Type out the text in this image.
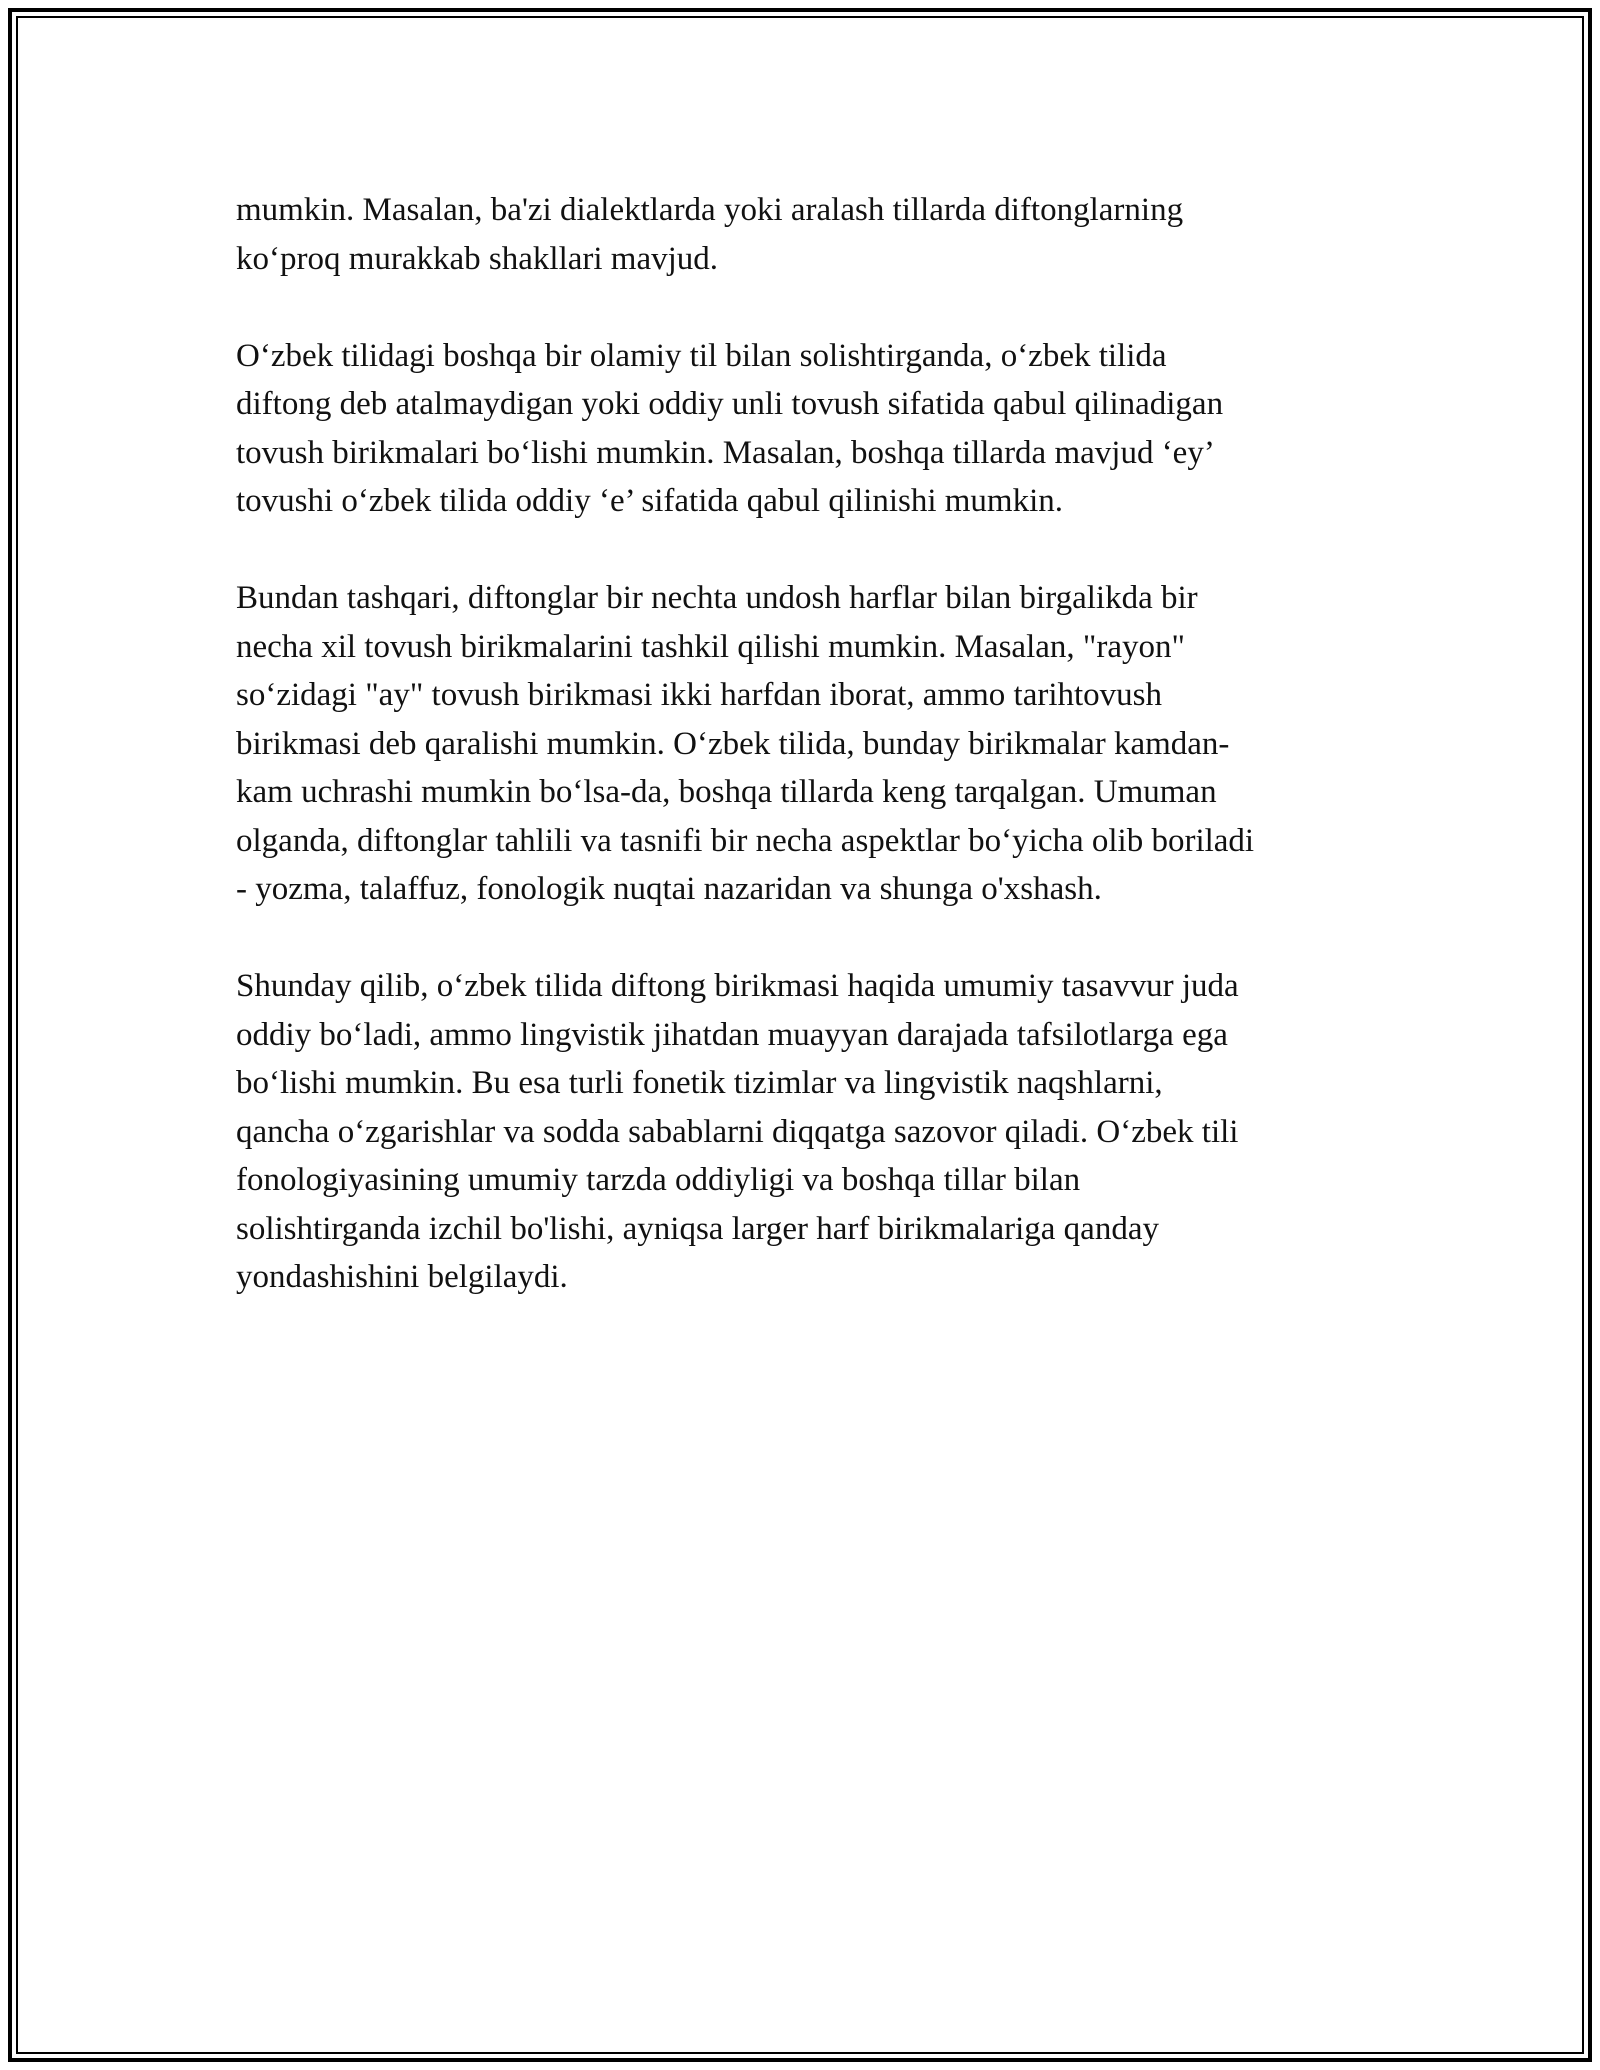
mumkin. Masalan, ba'zi dialektlarda yoki aralash tillarda diftonglarning
ko‘proq murakkab shakllari mavjud.

O‘zbek tilidagi boshqa bir olamiy til bilan solishtirganda, o‘zbek tilida
diftong deb atalmaydigan yoki oddiy unli tovush sifatida qabul qilinadigan
tovush birikmalari bo‘lishi mumkin. Masalan, boshqa tillarda mavjud ‘ey’
tovushi o‘zbek tilida oddiy ‘e’ sifatida qabul qilinishi mumkin.

Bundan tashqari, diftonglar bir nechta undosh harflar bilan birgalikda bir
necha xil tovush birikmalarini tashkil qilishi mumkin. Masalan, "rayon"
so‘zidagi "ay" tovush birikmasi ikki harfdan iborat, ammo tarihtovush
birikmasi deb qaralishi mumkin. O‘zbek tilida, bunday birikmalar kamdan-
kam uchrashi mumkin bo‘lsa-da, boshqa tillarda keng tarqalgan. Umuman
olganda, diftonglar tahlili va tasnifi bir necha aspektlar bo‘yicha olib boriladi
- yozma, talaffuz, fonologik nuqtai nazaridan va shunga o'xshash.

Shunday qilib, o‘zbek tilida diftong birikmasi haqida umumiy tasavvur juda
oddiy bo‘ladi, ammo lingvistik jihatdan muayyan darajada tafsilotlarga ega
bo‘lishi mumkin. Bu esa turli fonetik tizimlar va lingvistik naqshlarni,
qancha o‘zgarishlar va sodda sabablarni diqqatga sazovor qiladi. O‘zbek tili
fonologiyasining umumiy tarzda oddiyligi va boshqa tillar bilan
solishtirganda izchil bo'lishi, ayniqsa larger harf birikmalariga qanday
yondashishini belgilaydi.
